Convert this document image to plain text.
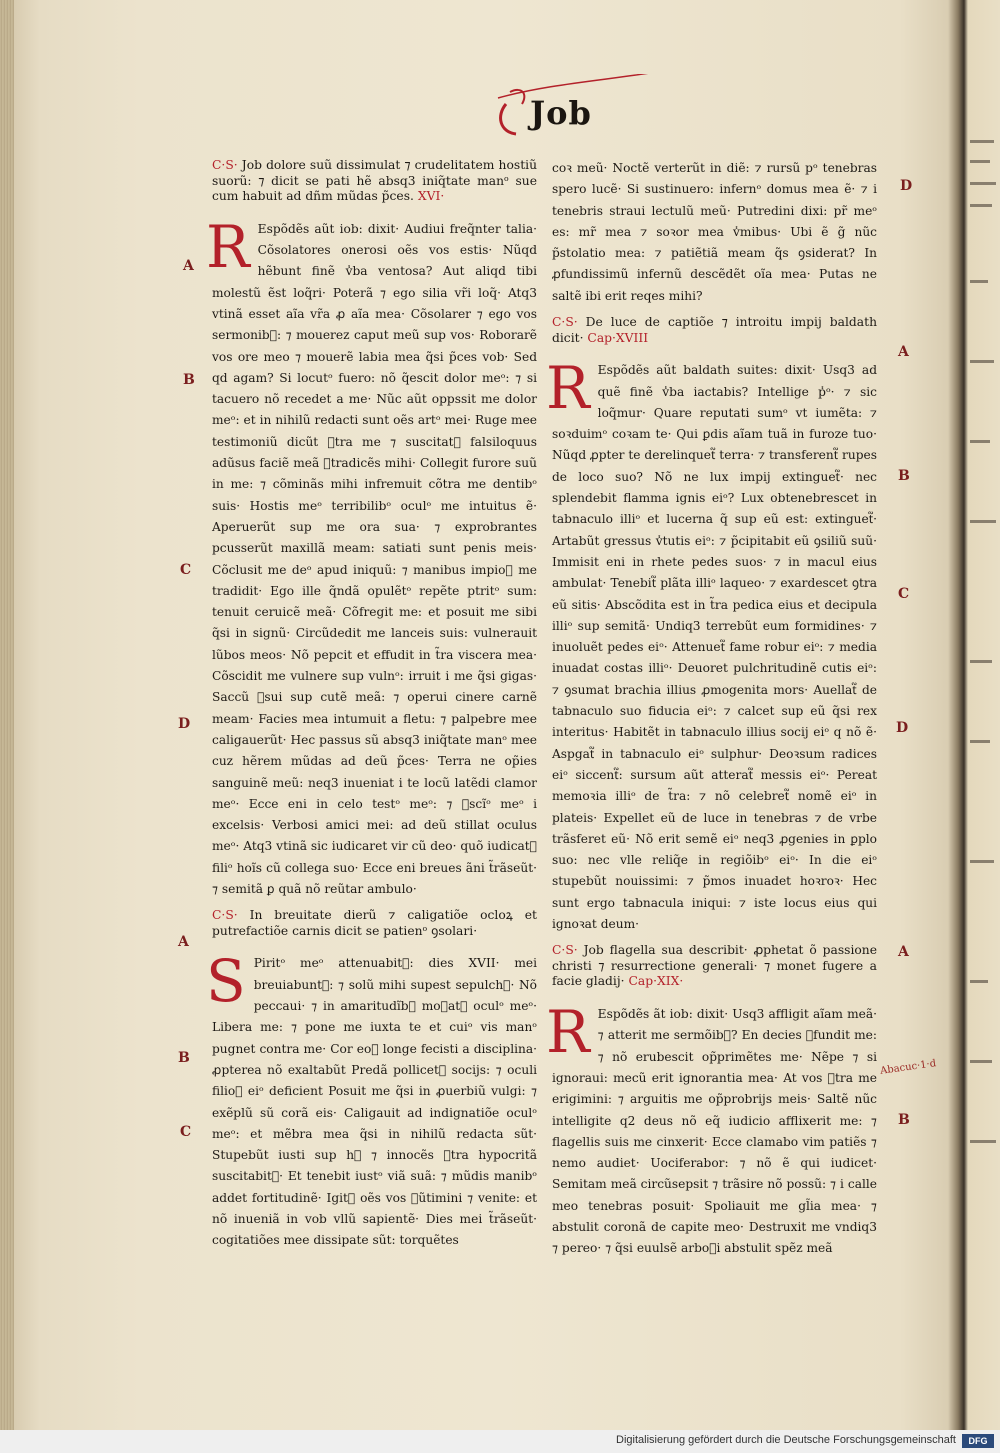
Job
C·S· Job dolore suũ dissimulat ⁊ crudelitatem hostiũ suorũ: ⁊ dicit se pati hẽ absq3 iniq̃tate manᵒ sue cum habuit ad dñm mũdas p̃ces. XVI·
R Espõdẽs aũt iob: dixit· Audiui freq̃nter talia· Cõsolatores onerosi oẽs vos estis· Nũqd hẽbunt finẽ v̾ba ventosa? Aut aliqd tibi molestũ ẽst loq̃ri· Poterã ⁊ ego silia vr̃i loq̃· Atq3 vtinã esset aĩa vr̃a ꝓ aĩa mea· Cõsolarer ⁊ ego vos sermonib᷑: ⁊ mouerez caput meũ sup vos· Roborarẽ vos ore meo ⁊ mouerẽ labia mea q̃si p̃ces vob· Sed qd agam? Si locutᵒ fuero: nõ q̃escit dolor meᵒ: ⁊ si tacuero nõ recedet a me· Nũc aũt oppssit me dolor meᵒ: et in nihilũ redacti sunt oẽs artᵒ mei· Ruge mee testimoniũ dicũt ꝯtra me ⁊ suscitat᷑ falsiloquus adũsus faciẽ meã ꝯtradicẽs mihi· Collegit furore suũ in me: ⁊ cõminãs mihi infremuit cõtra me dentibᵒ suis· Hostis meᵒ terribilibᵒ oculᵒ me intuitus ẽ· Aperuerũt sup me ora sua· ⁊ exprobrantes pcusserũt maxillã meam: satiati sunt penis meis· Cõclusit me deᵒ apud iniquũ: ⁊ manibus impioꝝ me tradidit· Ego ille q̃ndã opulẽtᵒ repẽte ptritᵒ sum: tenuit ceruicẽ meã· Cõfregit me: et posuit me sibi q̃si in signũ· Circũdedit me lanceis suis: vulnerauit lũbos meos· Nõ pepcit et effudit in t̃ra viscera mea· Cõscidit me vulnere sup vulnᵒ: irruit i me q̃si gigas· Saccũ ꝯsui sup cutẽ meã: ⁊ operui cinere carnẽ meam· Facies mea intumuit a fletu: ⁊ palpebre mee caligauerũt· Hec passus sũ absq3 iniq̃tate manᵒ mee cuz hẽrem mũdas ad deũ p̃ces· Terra ne op̃ies sanguinẽ meũ: neq3 inueniat i te locũ latẽdi clamor meᵒ· Ecce eni in celo testᵒ meᵒ: ⁊ ꝯscĩᵒ meᵒ i excelsis· Verbosi amici mei: ad deũ stillat oculus meᵒ· Atq3 vtinã sic iudicaret vir cũ deo· quõ iudicat᷑ filiᵒ hoĩs cũ collega suo· Ecce eni breues ãni t̃rãseũt· ⁊ semitã ꝑ quã nõ reũtar ambulo·
C·S· In breuitate dierũ ⁊ caligatiõe ocloꝝ et putrefactiõe carnis dicit se patienᵒ ꝯsolari·
S Piritᵒ meᵒ attenuabit᷑: dies XVII· mei breuiabunt᷑: ⁊ solũ mihi supest sepulchꝛ· Nõ peccaui· ⁊ in amaritudĩb᷑ moꝛat᷑ oculᵒ meᵒ· Libera me: ⁊ pone me iuxta te et cuiᵒ vis manᵒ pugnet contra me· Cor eoꝝ longe fecisti a disciplina· ꝓpterea nõ exaltabũt Predã pollicet᷑ socijs: ⁊ oculi filioꝝ eiᵒ deficient Posuit me q̃si in ꝓuerbiũ vulgi: ⁊ exẽplũ sũ corã eis· Caligauit ad indignatiõe oculᵒ meᵒ: et mẽbra mea q̃si in nihilũ redacta sũt· Stupebũt iusti sup h᷑ ⁊ innocẽs ꝯtra hypocritã suscitabit᷑· Et tenebit iustᵒ viã suã: ⁊ mũdis manibᵒ addet fortitudinẽ· Igit᷑ oẽs vos ꝯũtimini ⁊ venite: et nõ inueniã in vob vllũ sapientẽ· Dies mei t̃rãseũt· cogitatiões mee dissipate sũt: torquẽtes
coꝛ meũ· Noctẽ verterũt in diẽ: ⁊ rursũ pᵒ tenebras spero lucẽ· Si sustinuero: infernᵒ domus mea ẽ· ⁊ i tenebris straui lectulũ meũ· Putredini dixi: pr̃ meᵒ es: mr̃ mea ⁊ soꝛor mea v̾mibus· Ubi ẽ g̃ nũc p̃stolatio mea: ⁊ patiẽtiã meam q̃s ꝯsiderat? In ꝓfundissimũ infernũ descẽdẽt oĩa mea· Putas ne saltẽ ibi erit reqes mihi?
C·S· De luce de captiõe ⁊ introitu impij baldath dicit· Cap·XVIII
R Espõdẽs aũt baldath suites: dixit· Usq3 ad quẽ finẽ v̾ba iactabis? Intellige p̾ᵒ· ⁊ sic loq̃mur· Quare reputati sumᵒ vt iumẽta: ⁊ soꝛduimᵒ coꝛam te· Qui ꝑdis aĩam tuã in furoze tuo· Nũqd ꝓpter te derelinquet᷑ terra· ⁊ transferent᷑ rupes de loco suo? Nõ ne lux impij extinguet᷑· nec splendebit flamma ignis eiᵒ? Lux obtenebrescet in tabnaculo illiᵒ et lucerna q̃ sup eũ est: extinguet᷑· Artabũt gressus v̾tutis eiᵒ: ⁊ p̃cipitabit eũ ꝯsiliũ suũ· Immisit eni in rhete pedes suos· ⁊ in macul eius ambulat· Tenebit᷑ plãta illiᵒ laqueo· ⁊ exardescet ꝯtra eũ sitis· Abscõdita est in t̃ra pedica eius et decipula illiᵒ sup semitã· Undiq3 terrebũt eum formidines· ⁊ inuoluẽt pedes eiᵒ· Attenuet᷑ fame robur eiᵒ: ⁊ media inuadat costas illiᵒ· Deuoret pulchritudinẽ cutis eiᵒ: ⁊ ꝯsumat brachia illius ꝓmogenita mors· Auellat᷑ de tabnaculo suo fiducia eiᵒ: ⁊ calcet sup eũ q̃si rex interitus· Habitẽt in tabnaculo illius socij eiᵒ q nõ ẽ· Aspgat᷑ in tabnaculo eiᵒ sulphur· Deoꝛsum radices eiᵒ siccent᷑: sursum aũt atterat᷑ messis eiᵒ· Pereat memoꝛia illiᵒ de t̃ra: ⁊ nõ celebret᷑ nomẽ eiᵒ in plateis· Expellet eũ de luce in tenebras ⁊ de vrbe trãsferet eũ· Nõ erit semẽ eiᵒ neq3 ꝓgenies in ꝑplo suo: nec vlle reliq̃e in regiõibᵒ eiᵒ· In die eiᵒ stupebũt nouissimi: ⁊ p̃mos inuadet hoꝛroꝛ· Hec sunt ergo tabnacula iniqui: ⁊ iste locus eius qui ignoꝛat deum·
C·S· Job flagella sua describit· ꝓphetat õ passione christi ⁊ resurrectione generali· ⁊ monet fugere a facie gladij· Cap·XIX·
R Espõdẽs ãt iob: dixit· Usq3 affligit aĩam meã· ⁊ atterit me sermõib᷑? En decies ꝯfundit me: ⁊ nõ erubescit op̃primẽtes me· Nẽpe ⁊ si ignoraui: mecũ erit ignorantia mea· At vos ꝯtra me erigimini: ⁊ arguitis me op̃probrijs meis· Saltẽ nũc intelligite q2 deus nõ eq̃ iudicio afflixerit me: ⁊ flagellis suis me cinxerit· Ecce clamabo vim patiẽs ⁊ nemo audiet· Uociferabor: ⁊ nõ ẽ qui iudicet· Semitam meã circũsepsit ⁊ trãsire nõ possũ: ⁊ i calle meo tenebras posuit· Spoliauit me gl̃ia mea· ⁊ abstulit coronã de capite meo· Destruxit me vndiq3 ⁊ pereo· ⁊ q̃si euulsẽ arboꝛi abstulit spẽz meã
A
B
C
D
A
B
C
D
A
B
C
D
A
B
Abacuc·1·d
Digitalisierung gefördert durch die Deutsche Forschungsgemeinschaft	DFG
